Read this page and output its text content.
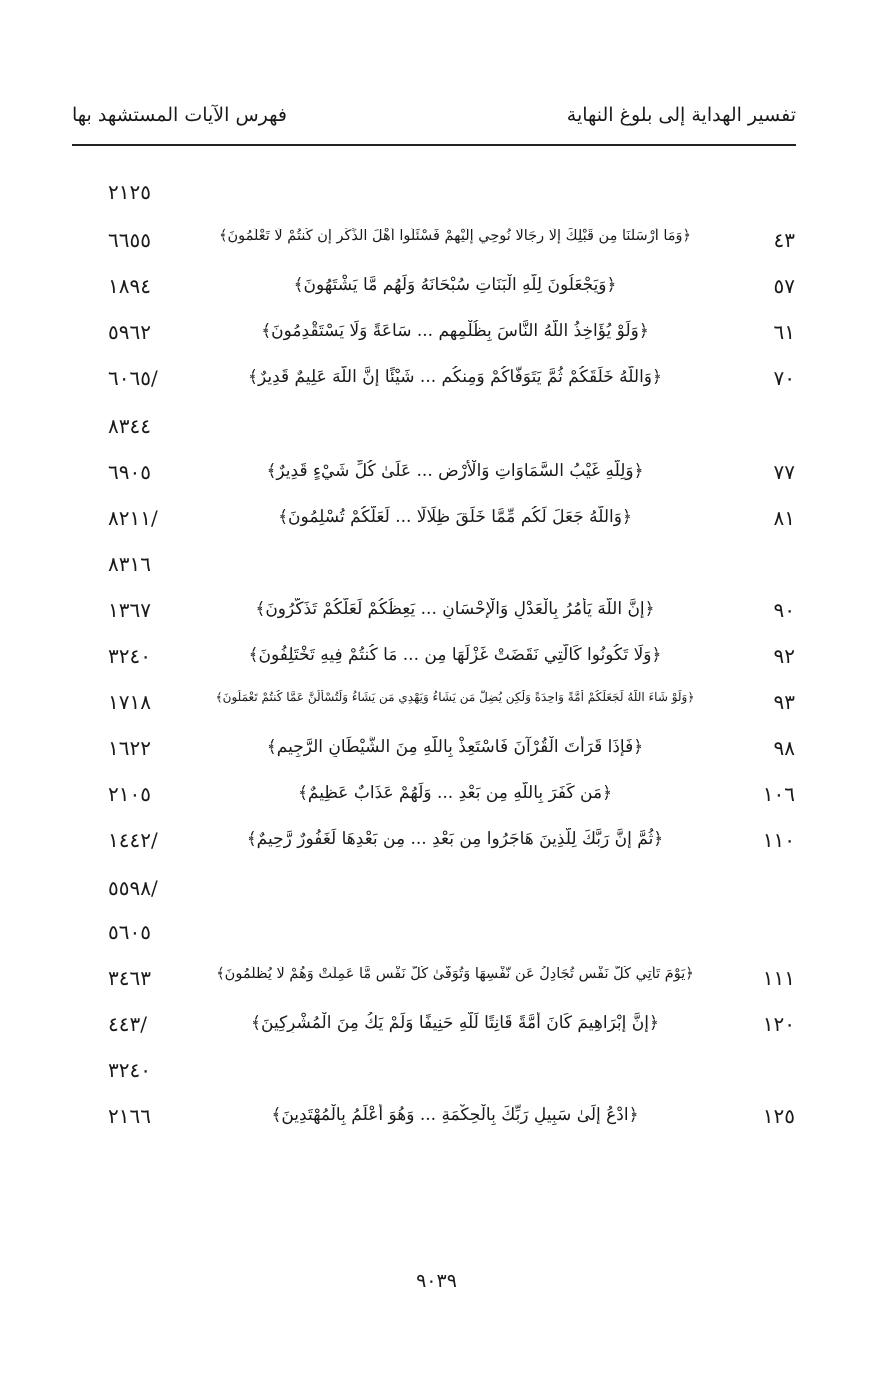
تفسير الهداية إلى بلوغ النهاية
فهرس الآيات المستشهد بها
٢١٢٥
٦٦٥٥	﴿وَمَا أَرْسَلْنَا مِن قَبْلِكَ إِلَّا رِجَالًا نُوحِي إِلَيْهِمْ فَسْئَلُوا أَهْلَ الذِّكْرِ إِن كُنتُمْ لَا تَعْلَمُونَ﴾	٤٣
١٨٩٤	﴿وَيَجْعَلُونَ لِلَّهِ الْبَنَاتِ سُبْحَانَهُ وَلَهُم مَّا يَشْتَهُونَ﴾	٥٧
٥٩٦٢	﴿وَلَوْ يُؤَاخِذُ اللَّهُ النَّاسَ بِظُلْمِهِم ... سَاعَةً وَلَا يَسْتَقْدِمُونَ﴾	٦١
/٦٠٦٥	﴿وَاللَّهُ خَلَقَكُمْ ثُمَّ يَتَوَفَّاكُمْ وَمِنكُم ... شَيْئًا إِنَّ اللَّهَ عَلِيمٌ قَدِيرٌ﴾	٧٠
٨٣٤٤
٦٩٠٥	﴿وَلِلَّهِ غَيْبُ السَّمَاوَاتِ وَالْأَرْضِ ... عَلَىٰ كُلِّ شَيْءٍ قَدِيرٌ﴾	٧٧
/٨٢١١	﴿وَاللَّهُ جَعَلَ لَكُم مِّمَّا خَلَقَ ظِلَالًا ... لَعَلَّكُمْ تُسْلِمُونَ﴾	٨١
٨٣١٦
١٣٦٧	﴿إِنَّ اللَّهَ يَأْمُرُ بِالْعَدْلِ وَالْإِحْسَانِ ... يَعِظُكُمْ لَعَلَّكُمْ تَذَكَّرُونَ﴾	٩٠
٣٢٤٠	﴿وَلَا تَكُونُوا كَالَّتِي نَقَضَتْ غَزْلَهَا مِن ... مَا كُنتُمْ فِيهِ تَخْتَلِفُونَ﴾	٩٢
١٧١٨	﴿وَلَوْ شَاءَ اللَّهُ لَجَعَلَكُمْ أُمَّةً وَاحِدَةً وَلَٰكِن يُضِلُّ مَن يَشَاءُ وَيَهْدِي مَن يَشَاءُ وَلَتُسْأَلُنَّ عَمَّا كُنتُمْ تَعْمَلُونَ﴾	٩٣
١٦٢٢	﴿فَإِذَا قَرَأْتَ الْقُرْآنَ فَاسْتَعِذْ بِاللَّهِ مِنَ الشَّيْطَانِ الرَّجِيمِ﴾	٩٨
٢١٠٥	﴿مَن كَفَرَ بِاللَّهِ مِن بَعْدِ ... وَلَهُمْ عَذَابٌ عَظِيمٌ﴾	١٠٦
/١٤٤٢	﴿ثُمَّ إِنَّ رَبَّكَ لِلَّذِينَ هَاجَرُوا مِن بَعْدِ ... مِن بَعْدِهَا لَغَفُورٌ رَّحِيمٌ﴾	١١٠
/٥٥٩٨
٥٦٠٥
٣٤٦٣	﴿يَوْمَ تَأْتِي كُلُّ نَفْسٍ تُجَادِلُ عَن نَّفْسِهَا وَتُوَفَّىٰ كُلُّ نَفْسٍ مَّا عَمِلَتْ وَهُمْ لَا يُظْلَمُونَ﴾	١١١
/٤٤٣	﴿إِنَّ إِبْرَاهِيمَ كَانَ أُمَّةً قَانِتًا لِّلَّهِ حَنِيفًا وَلَمْ يَكُ مِنَ الْمُشْرِكِينَ﴾	١٢٠
٣٢٤٠
٢١٦٦	﴿ادْعُ إِلَىٰ سَبِيلِ رَبِّكَ بِالْحِكْمَةِ ... وَهُوَ أَعْلَمُ بِالْمُهْتَدِينَ﴾	١٢٥
٩٠٣٩
